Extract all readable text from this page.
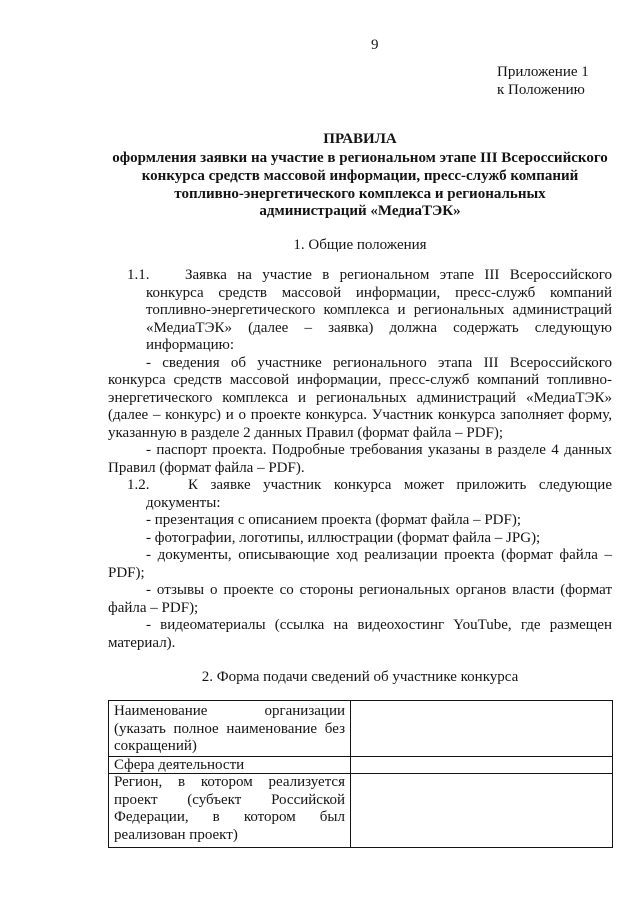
9
Приложение 1
к Положению
ПРАВИЛА
оформления заявки на участие в региональном этапе III Всероссийского
конкурса средств массовой информации, пресс-служб компаний
топливно-энергетического комплекса и региональных
администраций «МедиаТЭК»
1. Общие положения
1.1. Заявка на участие в региональном этапе III Всероссийского
конкурса средств массовой информации, пресс-служб компаний
топливно-энергетического комплекса и региональных администраций
«МедиаТЭК» (далее – заявка) должна содержать следующую
информацию:
- сведения об участнике регионального этапа III Всероссийского
конкурса средств массовой информации, пресс-служб компаний топливно-
энергетического комплекса и региональных администраций «МедиаТЭК»
(далее – конкурс) и о проекте конкурса. Участник конкурса заполняет форму,
указанную в разделе 2 данных Правил (формат файла – PDF);
- паспорт проекта. Подробные требования указаны в разделе 4 данных
Правил (формат файла – PDF).
1.2.	К заявке участник конкурса может приложить следующие
документы:
- презентация с описанием проекта (формат файла – PDF);
- фотографии, логотипы, иллюстрации (формат файла – JPG);
- документы, описывающие ход реализации проекта (формат файла –
PDF);
- отзывы о проекте со стороны региональных органов власти (формат
файла – PDF);
- видеоматериалы (ссылка на видеохостинг YouTube, где размещен
материал).
2. Форма подачи сведений об участнике конкурса
Наименование организации
(указать полное наименование без
сокращений)
Сфера деятельности
Регион, в котором реализуется
проект (субъект Российской
Федерации, в котором был
реализован проект)
